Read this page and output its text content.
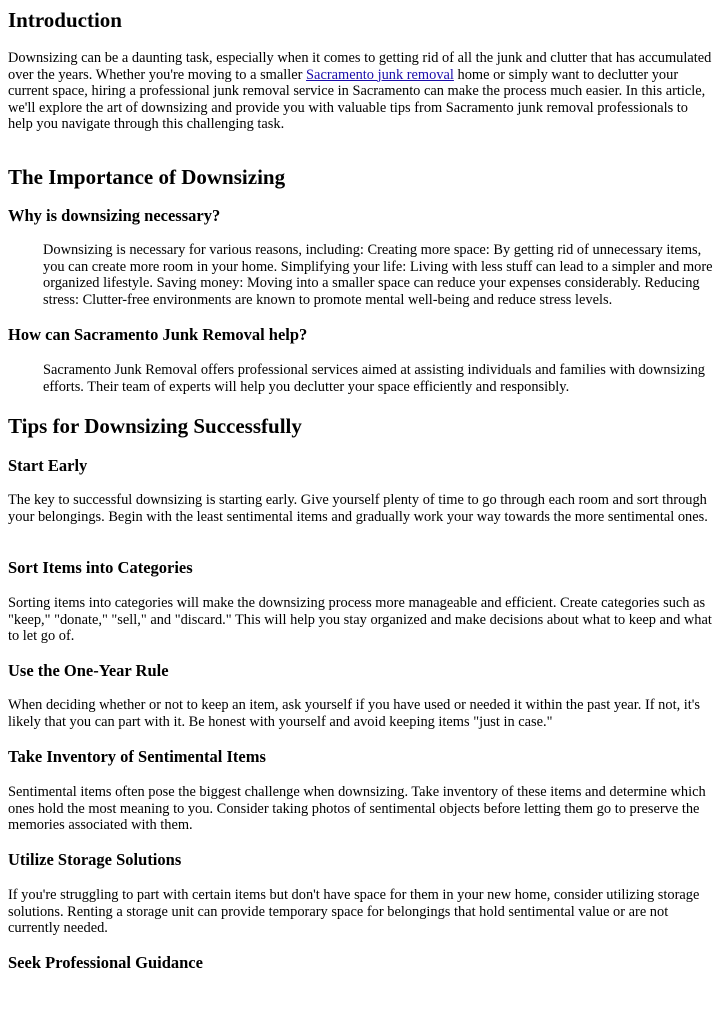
Introduction

Downsizing can be a daunting task, especially when it comes to getting rid of all the junk and clutter that has accumulated over the years. Whether you're moving to a smaller Sacramento junk removal home or simply want to declutter your current space, hiring a professional junk removal service in Sacramento can make the process much easier. In this article, we'll explore the art of downsizing and provide you with valuable tips from Sacramento junk removal professionals to help you navigate through this challenging task.

The Importance of Downsizing
Why is downsizing necessary?

Downsizing is necessary for various reasons, including: Creating more space: By getting rid of unnecessary items, you can create more room in your home. Simplifying your life: Living with less stuff can lead to a simpler and more organized lifestyle. Saving money: Moving into a smaller space can reduce your expenses considerably. Reducing stress: Clutter-free environments are known to promote mental well-being and reduce stress levels.

How can Sacramento Junk Removal help?

Sacramento Junk Removal offers professional services aimed at assisting individuals and families with downsizing efforts. Their team of experts will help you declutter your space efficiently and responsibly.

Tips for Downsizing Successfully
Start Early

The key to successful downsizing is starting early. Give yourself plenty of time to go through each room and sort through your belongings. Begin with the least sentimental items and gradually work your way towards the more sentimental ones.

Sort Items into Categories

Sorting items into categories will make the downsizing process more manageable and efficient. Create categories such as "keep," "donate," "sell," and "discard." This will help you stay organized and make decisions about what to keep and what to let go of.

Use the One-Year Rule

When deciding whether or not to keep an item, ask yourself if you have used or needed it within the past year. If not, it's likely that you can part with it. Be honest with yourself and avoid keeping items "just in case."

Take Inventory of Sentimental Items

Sentimental items often pose the biggest challenge when downsizing. Take inventory of these items and determine which ones hold the most meaning to you. Consider taking photos of sentimental objects before letting them go to preserve the memories associated with them.

Utilize Storage Solutions

If you're struggling to part with certain items but don't have space for them in your new home, consider utilizing storage solutions. Renting a storage unit can provide temporary space for belongings that hold sentimental value or are not currently needed.

Seek Professional Guidance
